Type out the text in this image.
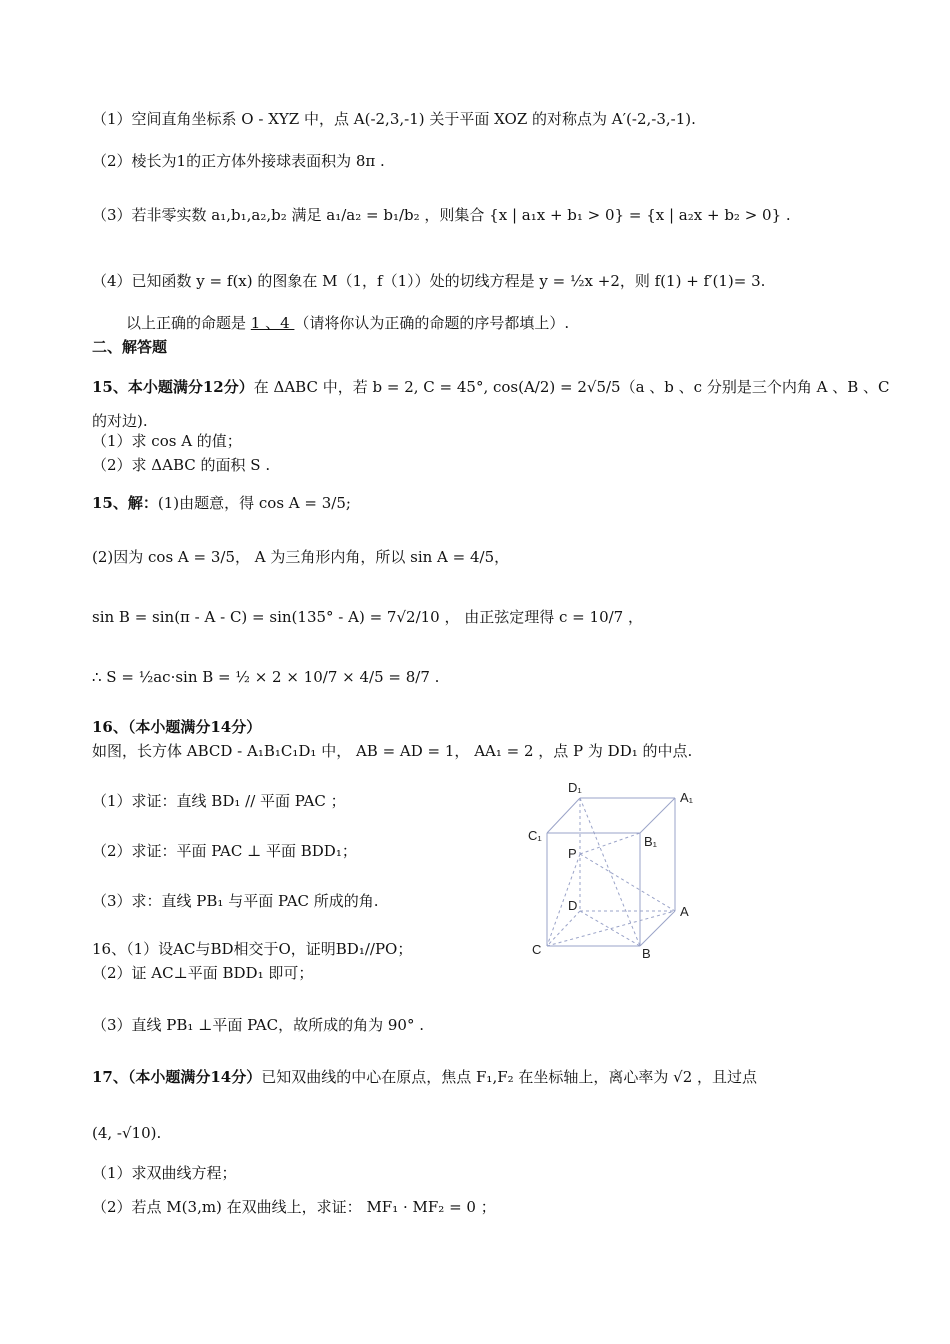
（1）空间直角坐标系 O - XYZ 中，点 A(-2,3,-1) 关于平面 XOZ 的对称点为 A′(-2,-3,-1).
（2）棱长为1的正方体外接球表面积为 8π .
（3）若非零实数 a₁,b₁,a₂,b₂ 满足 a₁/a₂ = b₁/b₂ ，则集合 {x | a₁x + b₁ > 0} = {x | a₂x + b₂ > 0} .
（4）已知函数 y = f(x) 的图象在 M（1，f（1））处的切线方程是 y = ½x +2，则 f(1) + f′(1)= 3.
以上正确的命题是 1 、4 （请将你认为正确的命题的序号都填上）.
二、解答题
15、本小题满分12分）在 ΔABC 中，若 b = 2, C = 45°, cos(A/2) = 2√5/5（a 、b 、c 分别是三个内角 A 、B 、C
的对边).
（1）求 cos A 的值；
（2）求 ΔABC 的面积 S .
15、解：(1)由题意，得 cos A = 3/5;
(2)因为 cos A = 3/5， A 为三角形内角，所以 sin A = 4/5，
sin B = sin(π - A - C) = sin(135° - A) = 7√2/10 ， 由正弦定理得 c = 10/7 ，
∴ S = ½ac·sin B = ½ × 2 × 10/7 × 4/5 = 8/7 .
16、（本小题满分14分）
如图，长方体 ABCD - A₁B₁C₁D₁ 中， AB = AD = 1， AA₁ = 2 ，点 P 为 DD₁ 的中点.
（1）求证：直线 BD₁ // 平面 PAC ；
（2）求证：平面 PAC ⊥ 平面 BDD₁；
（3）求：直线 PB₁ 与平面 PAC 所成的角.
16、（1）设AC与BD相交于O，证明BD₁//PO；
（2）证 AC⊥平面 BDD₁ 即可；
（3）直线 PB₁ ⊥平面 PAC，故所成的角为 90° .
17、（本小题满分14分）已知双曲线的中心在原点，焦点 F₁,F₂ 在坐标轴上，离心率为 √2 ，且过点
(4, -√10).
（1）求双曲线方程；
（2）若点 M(3,m) 在双曲线上，求证： MF₁ · MF₂ = 0 ；
D₁
A₁
C₁	B₁
P
D	A
C	B
